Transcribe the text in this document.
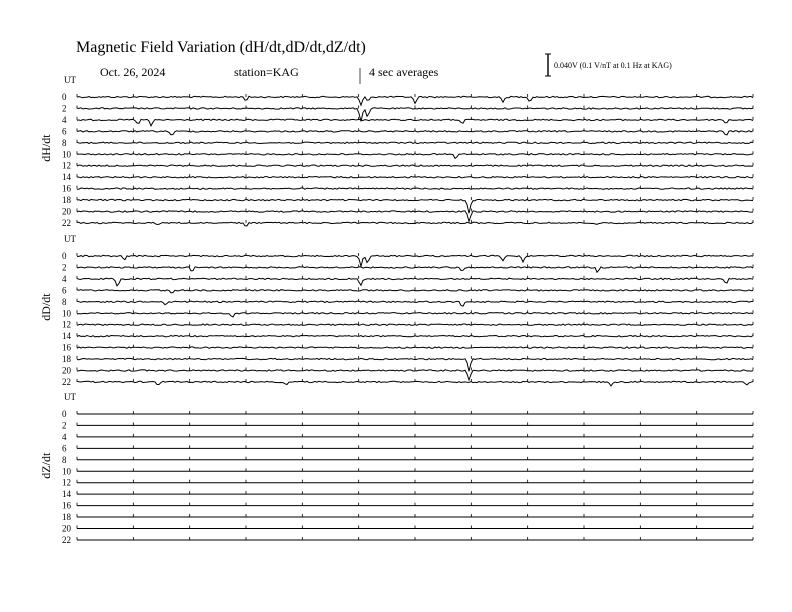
Magnetic Field Variation (dH/dt,dD/dt,dZ/dt)
Oct. 26, 2024	station=KAG	4 sec averages	0.040V (0.1 V/nT at 0.1 Hz at KAG)
UT
dH/dt
0
2
4
6
8
10
12
14
16
18
20
22
UT
dD/dt
0
2
4
6
8
10
12
14
16
18
20
22
UT
dZ/dt
0
2
4
6
8
10
12
14
16
18
20
22
